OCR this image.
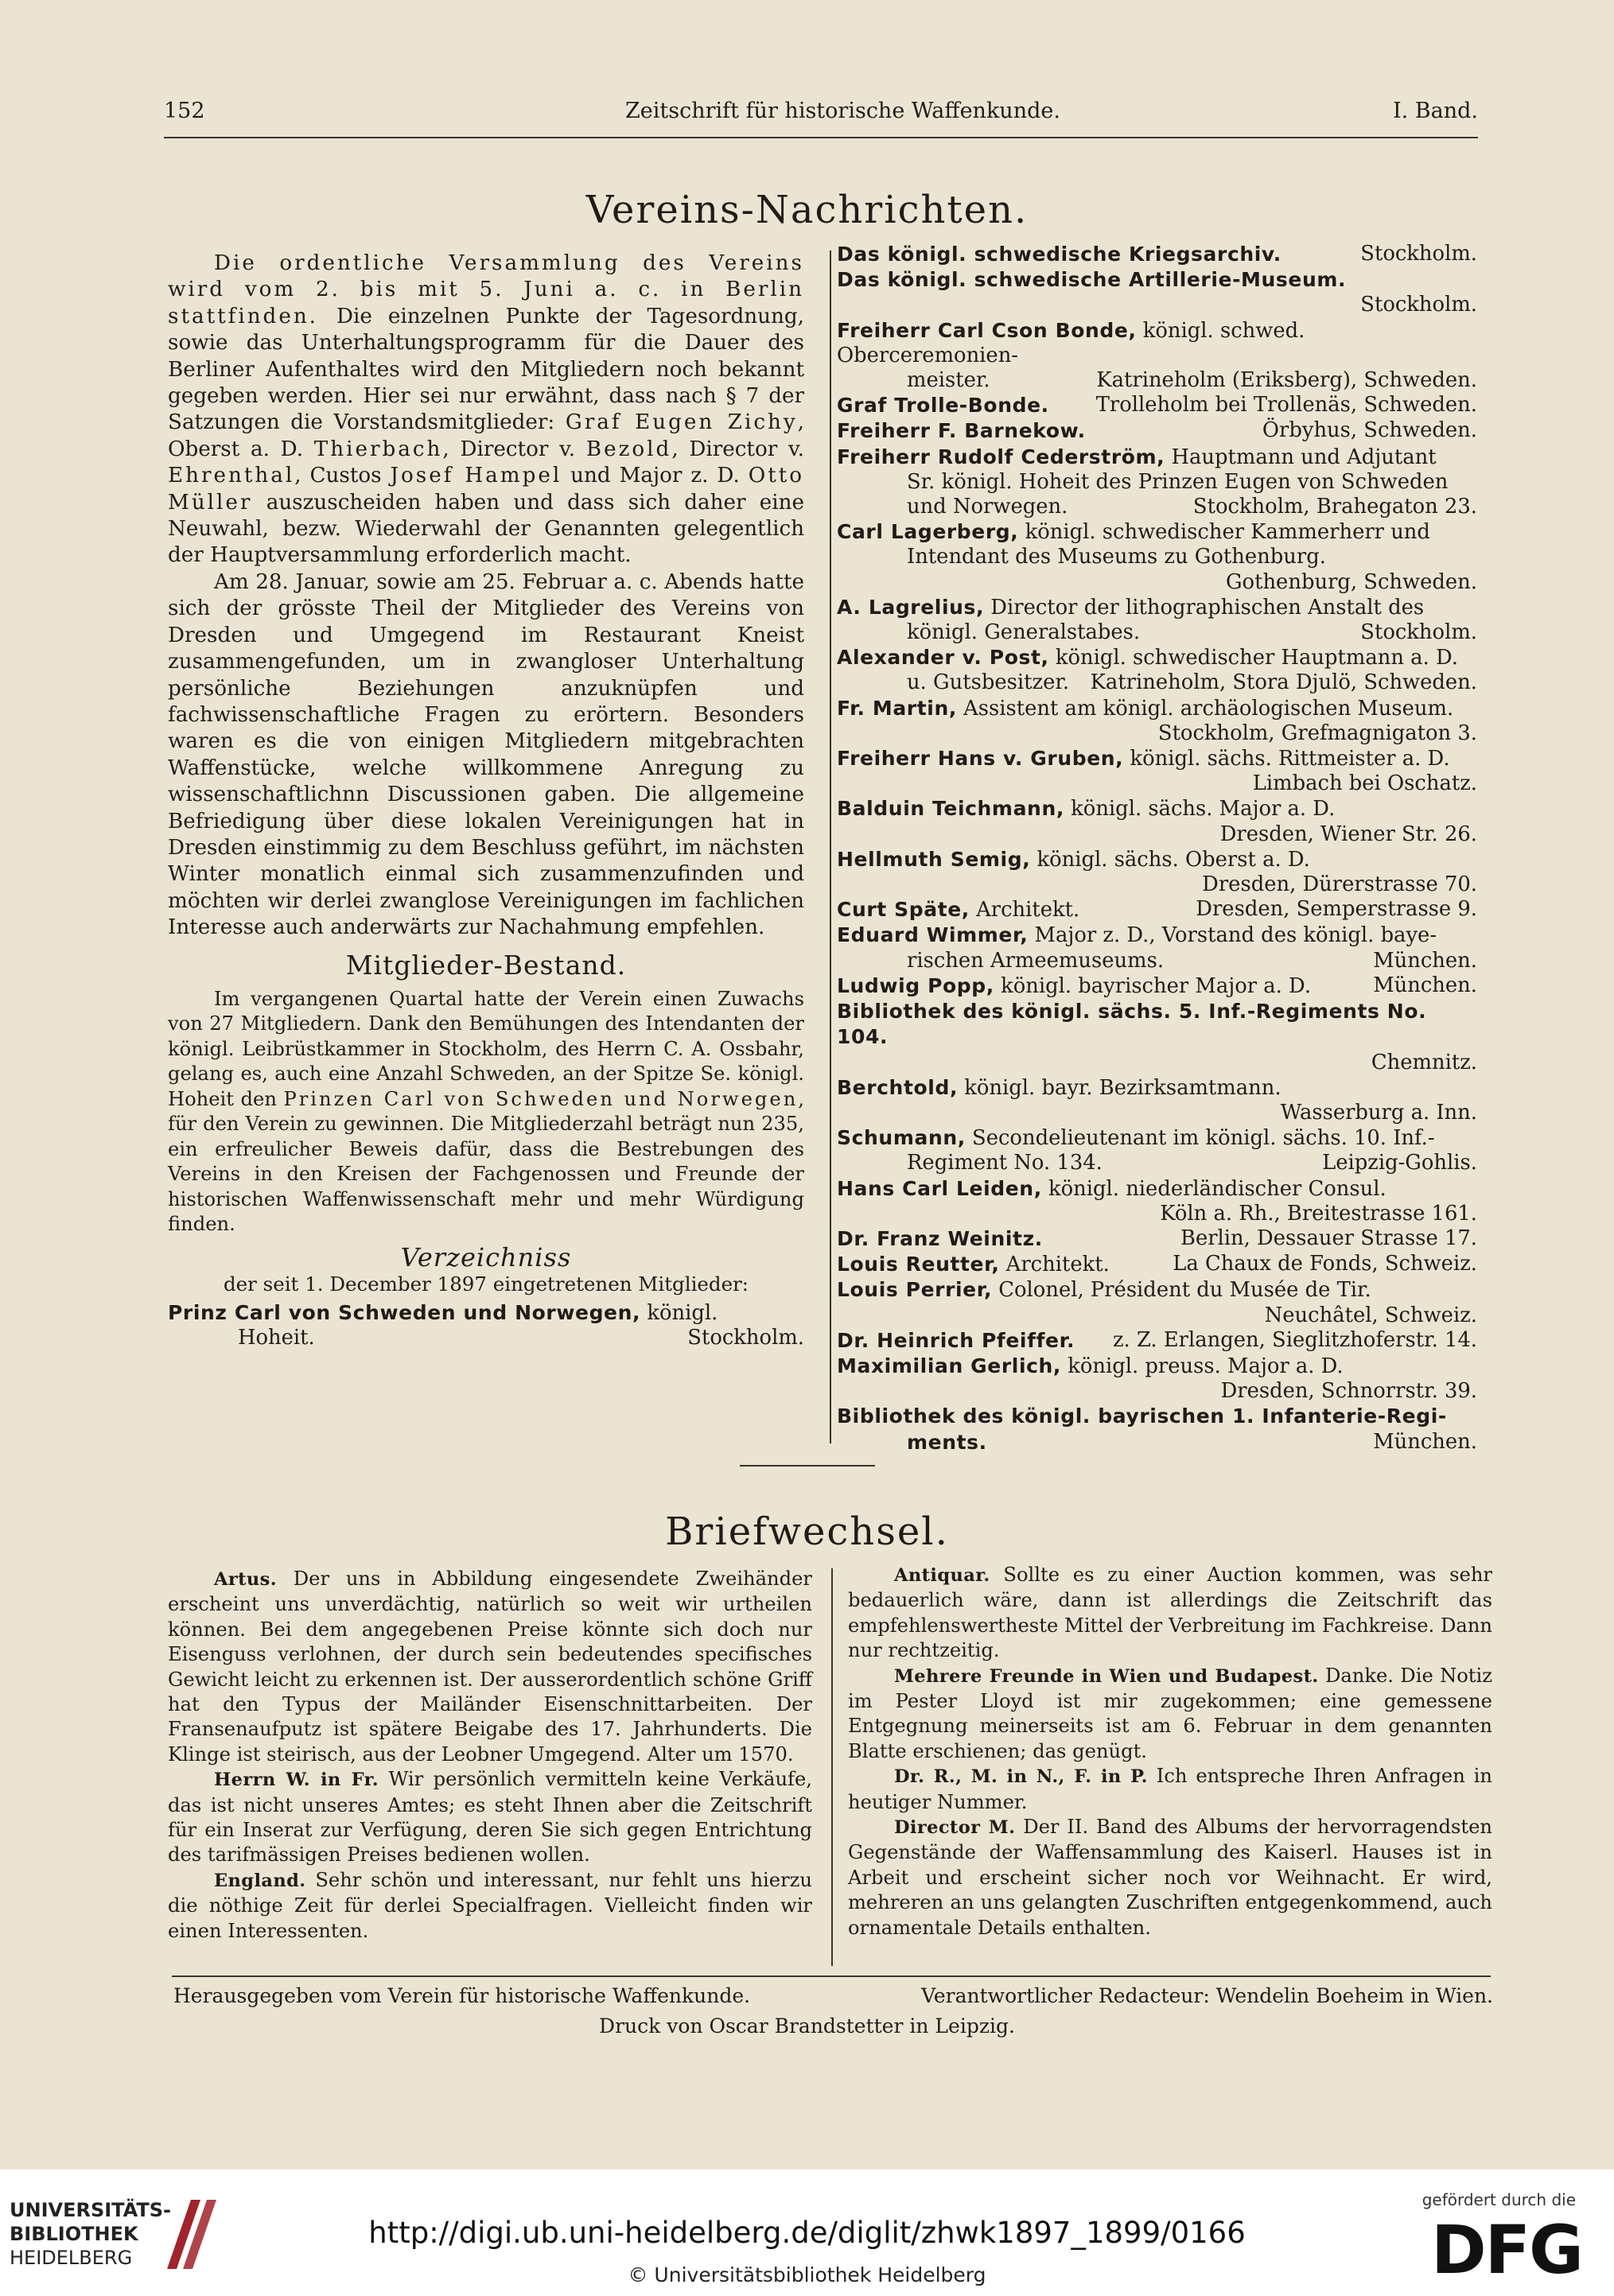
152	Zeitschrift für historische Waffenkunde.	I. Band.
Vereins-Nachrichten.

Die ordentliche Versammlung des Vereins wird vom 2. bis mit 5. Juni a. c. in Berlin stattfinden. Die einzelnen Punkte der Tagesordnung, sowie das Unterhaltungsprogramm für die Dauer des Berliner Aufenthaltes wird den Mitgliedern noch bekannt gegeben werden. Hier sei nur erwähnt, dass nach § 7 der Satzungen die Vorstandsmitglieder: Graf Eugen Zichy, Oberst a. D. Thierbach, Director v. Bezold, Director v. Ehrenthal, Custos Josef Hampel und Major z. D. Otto Müller auszuscheiden haben und dass sich daher eine Neuwahl, bezw. Wiederwahl der Genannten gelegentlich der Hauptversammlung erforderlich macht.

Am 28. Januar, sowie am 25. Februar a. c. Abends hatte sich der grösste Theil der Mitglieder des Vereins von Dresden und Umgegend im Restaurant Kneist zusammengefunden, um in zwangloser Unterhaltung persönliche Beziehungen anzuknüpfen und fachwissenschaftliche Fragen zu erörtern. Besonders waren es die von einigen Mitgliedern mitgebrachten Waffenstücke, welche willkommene Anregung zu wissenschaftlichnn Discussionen gaben. Die allgemeine Befriedigung über diese lokalen Vereinigungen hat in Dresden einstimmig zu dem Beschluss geführt, im nächsten Winter monatlich einmal sich zusammenzufinden und möchten wir derlei zwanglose Vereinigungen im fachlichen Interesse auch anderwärts zur Nachahmung empfehlen.

Mitglieder-Bestand.

Im vergangenen Quartal hatte der Verein einen Zuwachs von 27 Mitgliedern. Dank den Bemühungen des Intendanten der königl. Leibrüstkammer in Stockholm, des Herrn C. A. Ossbahr, gelang es, auch eine Anzahl Schweden, an der Spitze Se. königl. Hoheit den Prinzen Carl von Schweden und Norwegen, für den Verein zu gewinnen. Die Mitgliederzahl beträgt nun 235, ein erfreulicher Beweis dafür, dass die Bestrebungen des Vereins in den Kreisen der Fachgenossen und Freunde der historischen Waffenwissenschaft mehr und mehr Würdigung finden.

Verzeichniss
der seit 1. December 1897 eingetretenen Mitglieder:
Prinz Carl von Schweden und Norwegen, königl.
Hoheit.	Stockholm.
Das königl. schwedische Kriegsarchiv.	Stockholm.
Das königl. schwedische Artillerie-Museum.
Stockholm.
Freiherr Carl Cson Bonde, königl. schwed. Oberceremonien-
meister.	Katrineholm (Eriksberg), Schweden.
Graf Trolle-Bonde. Trolleholm bei Trollenäs, Schweden.
Freiherr F. Barnekow.	Örbyhus, Schweden.
Freiherr Rudolf Cederström, Hauptmann und Adjutant
Sr. königl. Hoheit des Prinzen Eugen von Schweden
und Norwegen.	Stockholm, Brahegaton 23.
Carl Lagerberg, königl. schwedischer Kammerherr und
Intendant des Museums zu Gothenburg.
Gothenburg, Schweden.
A. Lagrelius, Director der lithographischen Anstalt des
königl. Generalstabes.	Stockholm.
Alexander v. Post, königl. schwedischer Hauptmann a. D.
u. Gutsbesitzer. Katrineholm, Stora Djulö, Schweden.
Fr. Martin, Assistent am königl. archäologischen Museum.
Stockholm, Grefmagnigaton 3.
Freiherr Hans v. Gruben, königl. sächs. Rittmeister a. D.
Limbach bei Oschatz.
Balduin Teichmann, königl. sächs. Major a. D.
Dresden, Wiener Str. 26.
Hellmuth Semig, königl. sächs. Oberst a. D.
Dresden, Dürerstrasse 70.
Curt Späte, Architekt.	Dresden, Semperstrasse 9.
Eduard Wimmer, Major z. D., Vorstand des königl. baye-
rischen Armeemuseums.	München.
Ludwig Popp, königl. bayrischer Major a. D.	München.
Bibliothek des königl. sächs. 5. Inf.-Regiments No. 104.
Chemnitz.
Berchtold, königl. bayr. Bezirksamtmann.
Wasserburg a. Inn.
Schumann, Secondelieutenant im königl. sächs. 10. Inf.-
Regiment No. 134.	Leipzig-Gohlis.
Hans Carl Leiden, königl. niederländischer Consul.
Köln a. Rh., Breitestrasse 161.
Dr. Franz Weinitz.	Berlin, Dessauer Strasse 17.
Louis Reutter, Architekt.	La Chaux de Fonds, Schweiz.
Louis Perrier, Colonel, Président du Musée de Tir.
Neuchâtel, Schweiz.
Dr. Heinrich Pfeiffer. z. Z. Erlangen, Sieglitzhoferstr. 14.
Maximilian Gerlich, königl. preuss. Major a. D.
Dresden, Schnorrstr. 39.
Bibliothek des königl. bayrischen 1. Infanterie-Regi-
ments.	München.
Briefwechsel.

Artus. Der uns in Abbildung eingesendete Zweihänder erscheint uns unverdächtig, natürlich so weit wir urtheilen können. Bei dem angegebenen Preise könnte sich doch nur Eisenguss verlohnen, der durch sein bedeutendes specifisches Gewicht leicht zu erkennen ist. Der ausserordentlich schöne Griff hat den Typus der Mailänder Eisenschnittarbeiten. Der Fransenaufputz ist spätere Beigabe des 17. Jahrhunderts. Die Klinge ist steirisch, aus der Leobner Umgegend. Alter um 1570.

Herrn W. in Fr. Wir persönlich vermitteln keine Verkäufe, das ist nicht unseres Amtes; es steht Ihnen aber die Zeitschrift für ein Inserat zur Verfügung, deren Sie sich gegen Entrichtung des tarifmässigen Preises bedienen wollen.

England. Sehr schön und interessant, nur fehlt uns hierzu die nöthige Zeit für derlei Specialfragen. Vielleicht finden wir einen Interessenten.

Antiquar. Sollte es zu einer Auction kommen, was sehr bedauerlich wäre, dann ist allerdings die Zeitschrift das empfehlenswertheste Mittel der Verbreitung im Fachkreise. Dann nur rechtzeitig.

Mehrere Freunde in Wien und Budapest. Danke. Die Notiz im Pester Lloyd ist mir zugekommen; eine gemessene Entgegnung meinerseits ist am 6. Februar in dem genannten Blatte erschienen; das genügt.

Dr. R., M. in N., F. in P. Ich entspreche Ihren Anfragen in heutiger Nummer.

Director M. Der II. Band des Albums der hervorragendsten Gegenstände der Waffensammlung des Kaiserl. Hauses ist in Arbeit und erscheint sicher noch vor Weihnacht. Er wird, mehreren an uns gelangten Zuschriften entgegenkommend, auch ornamentale Details enthalten.

Herausgegeben vom Verein für historische Waffenkunde.	Verantwortlicher Redacteur: Wendelin Boeheim in Wien.
Druck von Oscar Brandstetter in Leipzig.
UNIVERSITÄTS-
BIBLIOTHEK
HEIDELBERG
http://digi.ub.uni-heidelberg.de/diglit/zhwk1897_1899/0166
© Universitätsbibliothek Heidelberg
gefördert durch die
DFG
